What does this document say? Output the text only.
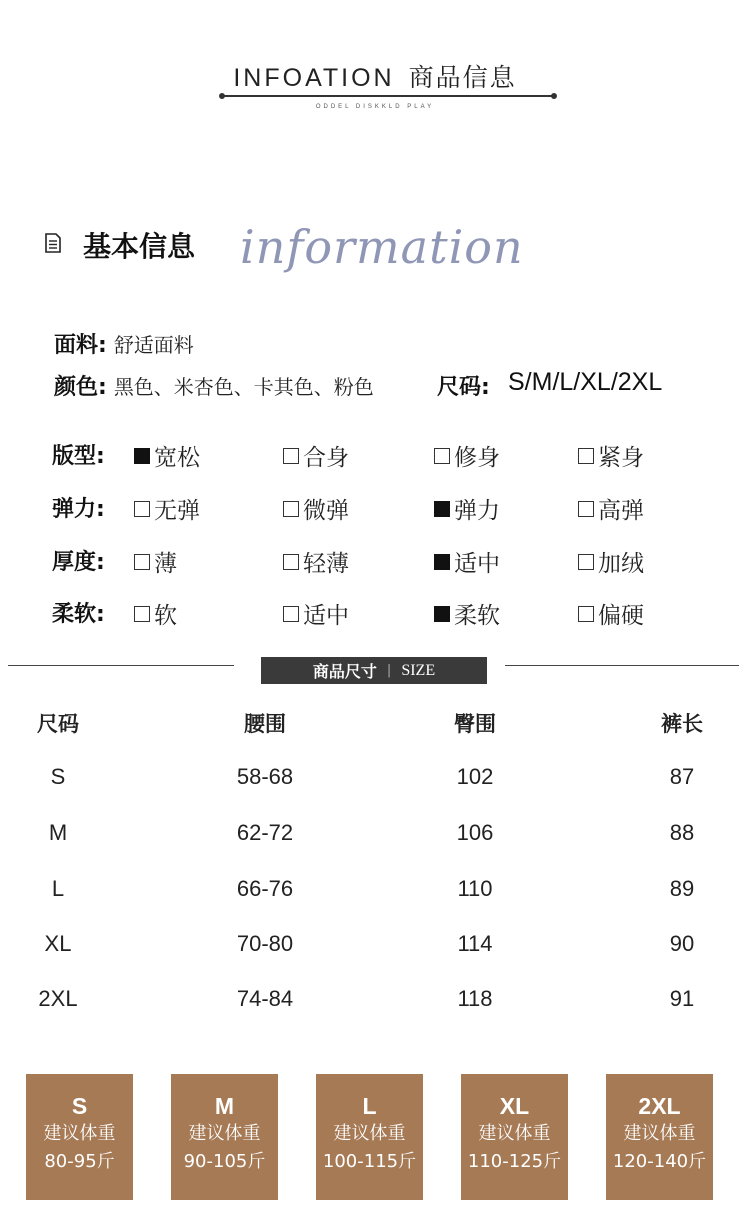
INFOATION 商品信息
ODDEL DISKKLD PLAY
基本信息 information
面料: 舒适面料
颜色: 黑色、米杏色、卡其色、粉色	尺码: S/M/L/XL/2XL
版型: 宽松	合身	修身	紧身
弹力: 无弹	微弹	弹力	高弹
厚度: 薄	轻薄	适中	加绒
柔软: 软	适中	柔软	偏硬
商品尺寸 | SIZE
尺码	腰围	臀围	裤长
S	58-68	102	87
M	62-72	106	88
L	66-76	110	89
XL	70-80	114	90
2XL	74-84	118	91
S
建议体重
80-95斤
M
建议体重
90-105斤
L
建议体重
100-115斤
XL
建议体重
110-125斤
2XL
建议体重
120-140斤
